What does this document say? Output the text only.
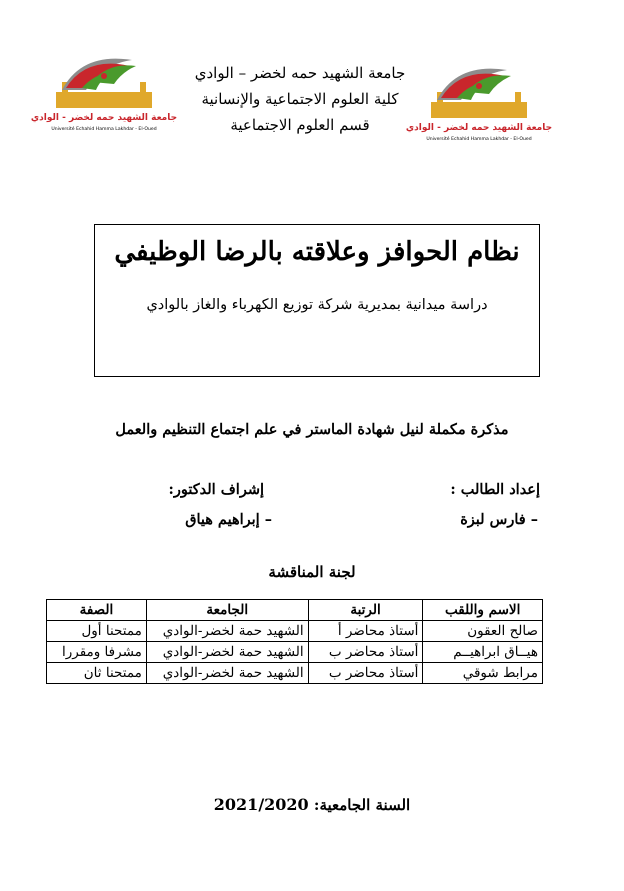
جامعة الشهيد حمه لخضر - الوادي
Université Echahid Hamma Lakhdar - El-Oued	جامعة الشهيد حمه لخضر - الوادي
Université Echahid Hamma Lakhdar - El-Oued
جامعة الشهيد حمه لخضر – الوادي
كلية العلوم الاجتماعية والإنسانية
قسم العلوم الاجتماعية
نظام الحوافز وعلاقته بالرضا الوظيفي
دراسة ميدانية بمديرية شركة توزيع الكهرباء والغاز بالوادي
مذكرة مكملة لنيل شهادة الماستر في علم اجتماع التنظيم والعمل
إعداد الطالب :
– فارس لبزة
إشراف الدكتور:
– إبراهيم هياق
لجنة المناقشة
الاسم واللقب	الرتبة	الجامعة	الصفة
صالح العقون	أستاذ محاضر أ	الشهيد حمة لخضر-الوادي	ممتحنا أول
هيــاق ابراهيــم	أستاذ محاضر ب	الشهيد حمة لخضر-الوادي	مشرفا ومقررا
مرابط شوقي	أستاذ محاضر ب	الشهيد حمة لخضر-الوادي	ممتحنا ثان
السنة الجامعية: 2021/2020
